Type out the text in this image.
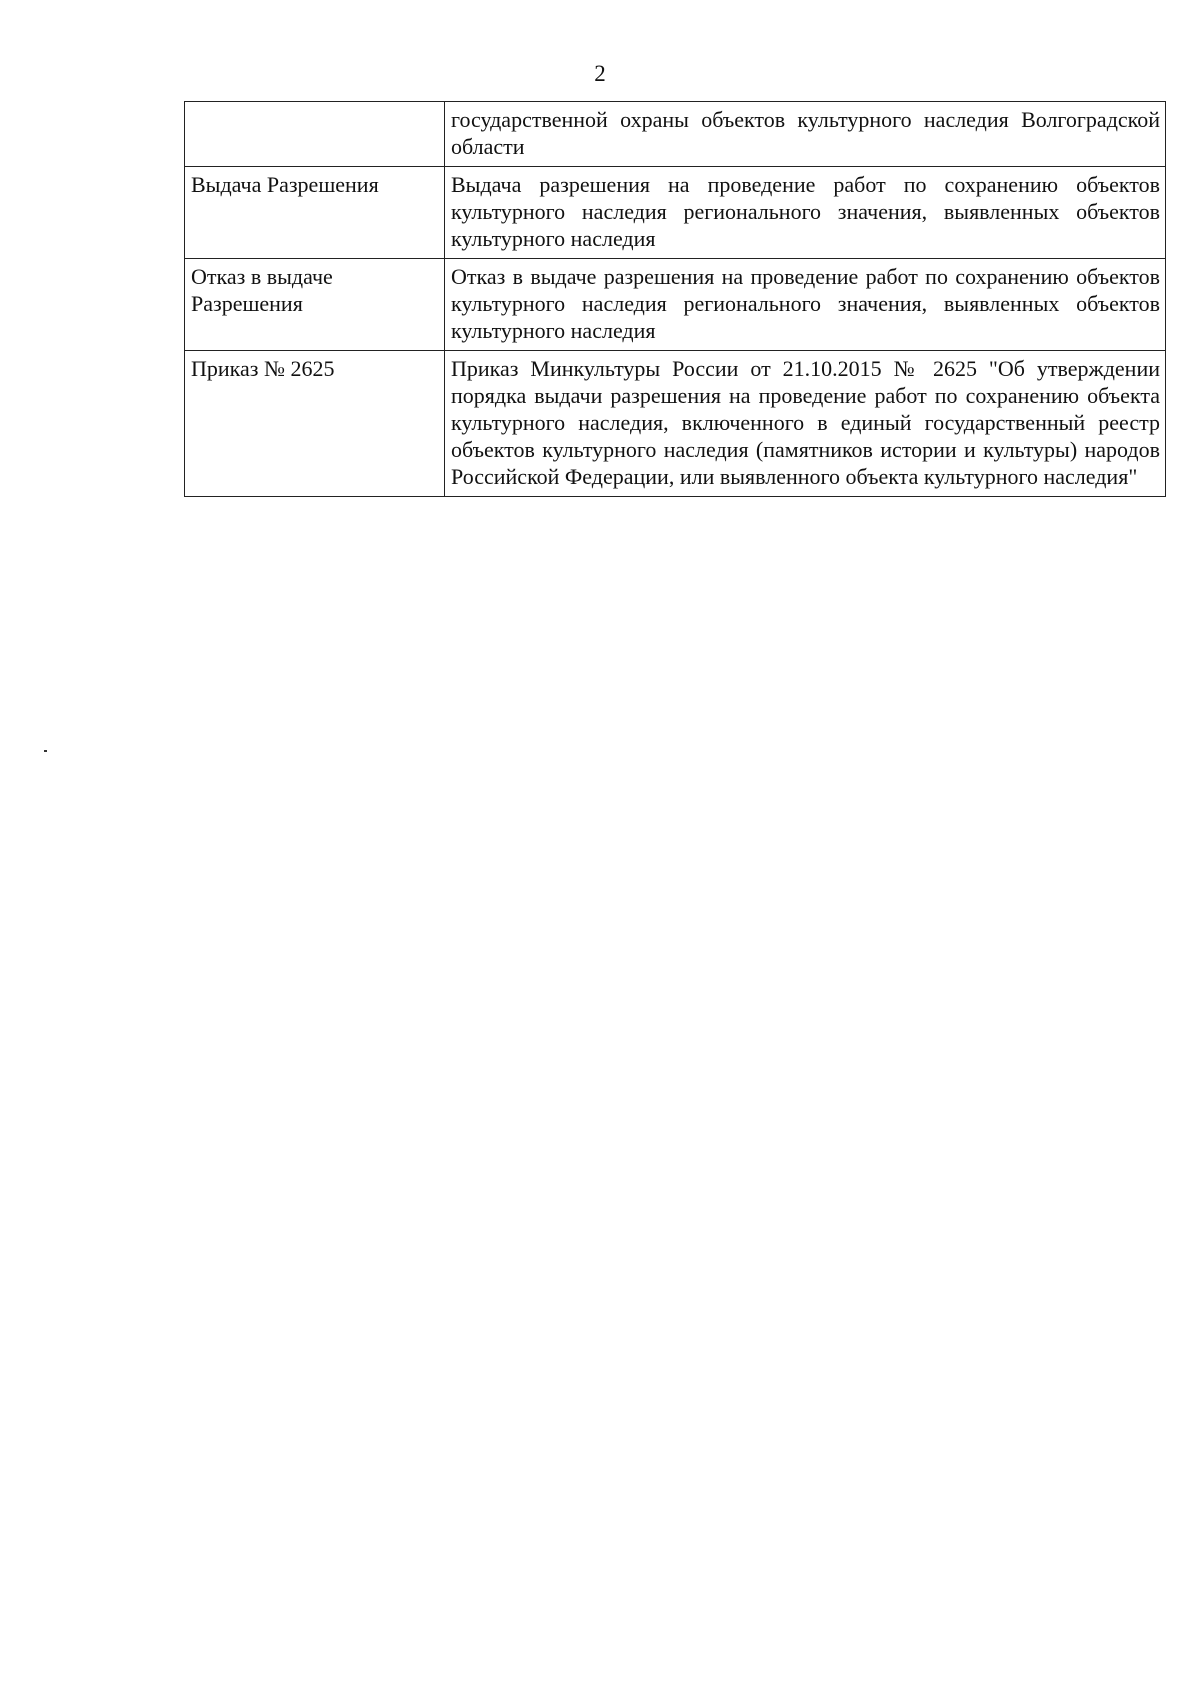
2
	государственной охраны объектов культурного наследия Волгоградской области
Выдача Разрешения	Выдача разрешения на проведение работ по сохранению объектов культурного наследия регионального значения, выявленных объектов культурного наследия
Отказ в выдаче Разрешения	Отказ в выдаче разрешения на проведение работ по сохранению объектов культурного наследия регионального значения, выявленных объектов культурного наследия
Приказ № 2625	Приказ Минкультуры России от 21.10.2015 № 2625 "Об утверждении порядка выдачи разрешения на проведение работ по сохранению объекта культурного наследия, включенного в единый государственный реестр объектов культурного наследия (памятников истории и культуры) народов Российской Федерации, или выявленного объекта культурного наследия"
